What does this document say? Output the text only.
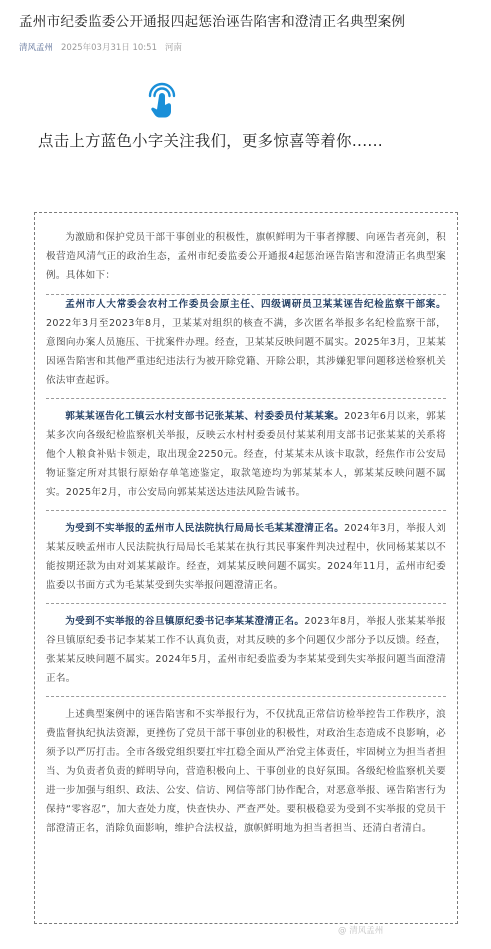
孟州市纪委监委公开通报四起惩治诬告陷害和澄清正名典型案例
清风孟州 2025年03月31日 10:51 河南
点击上方蓝色小字关注我们，更多惊喜等着你......

为激励和保护党员干部干事创业的积极性，旗帜鲜明为干事者撑腰、向诬告者亮剑，积极营造风清气正的政治生态，孟州市纪委监委公开通报4起惩治诬告陷害和澄清正名典型案例。具体如下：

孟州市人大常委会农村工作委员会原主任、四级调研员卫某某诬告纪检监察干部案。2022年3月至2023年8月，卫某某对组织的核查不满，多次匿名举报多名纪检监察干部，意图向办案人员施压、干扰案件办理。经查，卫某某反映问题不属实。2025年3月，卫某某因诬告陷害和其他严重违纪违法行为被开除党籍、开除公职，其涉嫌犯罪问题移送检察机关依法审查起诉。

郭某某诬告化工镇云水村支部书记张某某、村委委员付某某案。2023年6月以来，郭某某多次向各级纪检监察机关举报，反映云水村村委委员付某某利用支部书记张某某的关系将他个人粮食补贴卡领走，取出现金2250元。经查，付某某未从该卡取款，经焦作市公安局物证鉴定所对其银行原始存单笔迹鉴定，取款笔迹均为郭某某本人，郭某某反映问题不属实。2025年2月，市公安局向郭某某送达违法风险告诫书。

为受到不实举报的孟州市人民法院执行局局长毛某某澄清正名。2024年3月，举报人刘某某反映孟州市人民法院执行局局长毛某某在执行其民事案件判决过程中，伙同杨某某以不能按期还款为由对刘某某敲诈。经查，刘某某反映问题不属实。2024年11月，孟州市纪委监委以书面方式为毛某某受到失实举报问题澄清正名。

为受到不实举报的谷旦镇原纪委书记李某某澄清正名。2023年8月，举报人张某某举报谷旦镇原纪委书记李某某工作不认真负责，对其反映的多个问题仅少部分予以反馈。经查，张某某反映问题不属实。2024年5月，孟州市纪委监委为李某某受到失实举报问题当面澄清正名。

上述典型案例中的诬告陷害和不实举报行为，不仅扰乱正常信访检举控告工作秩序，浪费监督执纪执法资源，更挫伤了党员干部干事创业的积极性，对政治生态造成不良影响，必须予以严厉打击。全市各级党组织要扛牢扛稳全面从严治党主体责任，牢固树立为担当者担当、为负责者负责的鲜明导向，营造积极向上、干事创业的良好氛围。各级纪检监察机关要进一步加强与组织、政法、公安、信访、网信等部门协作配合，对恶意举报、诬告陷害行为保持“零容忍”，加大查处力度，快查快办、严查严处。要积极稳妥为受到不实举报的党员干部澄清正名，消除负面影响，维护合法权益，旗帜鲜明地为担当者担当、还清白者清白。

@ 清风孟州
